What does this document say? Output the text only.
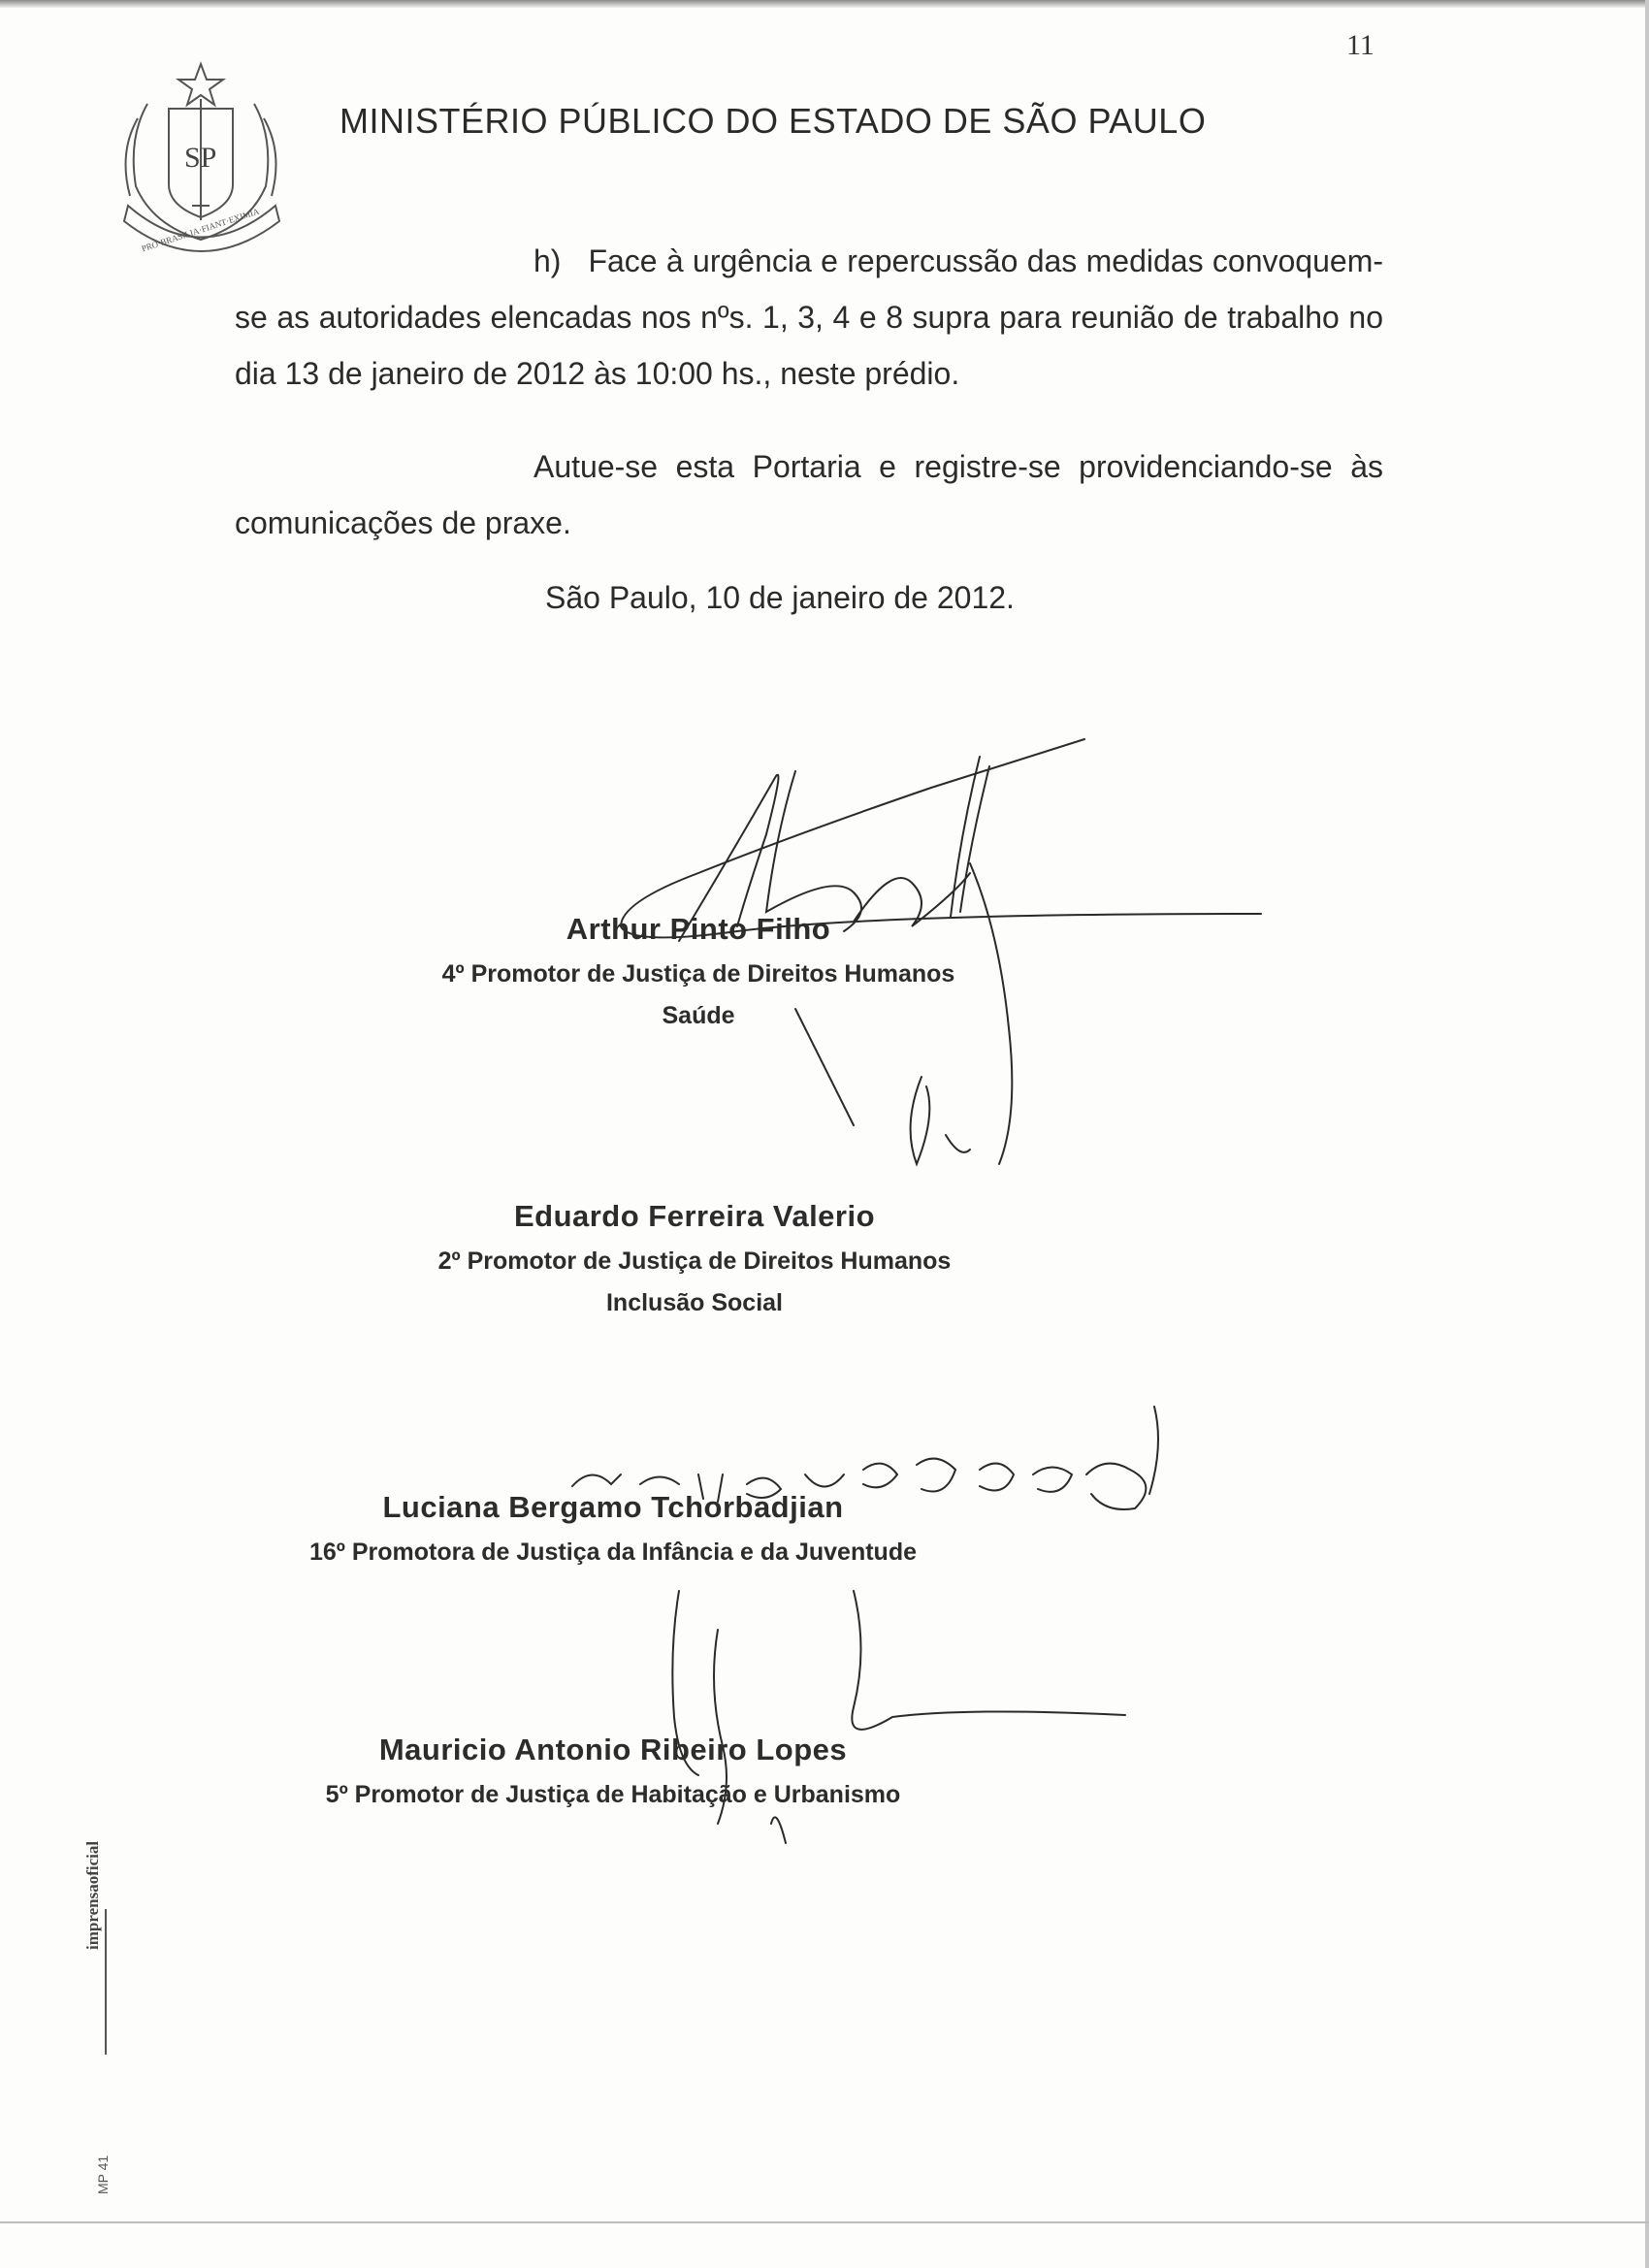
11
SP
PRO·BRASILIA·FIANT·EXIMIA
MINISTÉRIO PÚBLICO DO ESTADO DE SÃO PAULO
h) Face à urgência e repercussão das medidas convoquem-se as autoridades elencadas nos nºs. 1, 3, 4 e 8 supra para reunião de trabalho no dia 13 de janeiro de 2012 às 10:00 hs., neste prédio.
Autue-se esta Portaria e registre-se providenciando-se às comunicações de praxe.
São Paulo, 10 de janeiro de 2012.
Arthur Pinto Filho
4º Promotor de Justiça de Direitos Humanos
Saúde
Eduardo Ferreira Valerio
2º Promotor de Justiça de Direitos Humanos
Inclusão Social
Luciana Bergamo Tchorbadjian
16º Promotora de Justiça da Infância e da Juventude
Mauricio Antonio Ribeiro Lopes
5º Promotor de Justiça de Habitação e Urbanismo
imprensaoficial
MP 41
